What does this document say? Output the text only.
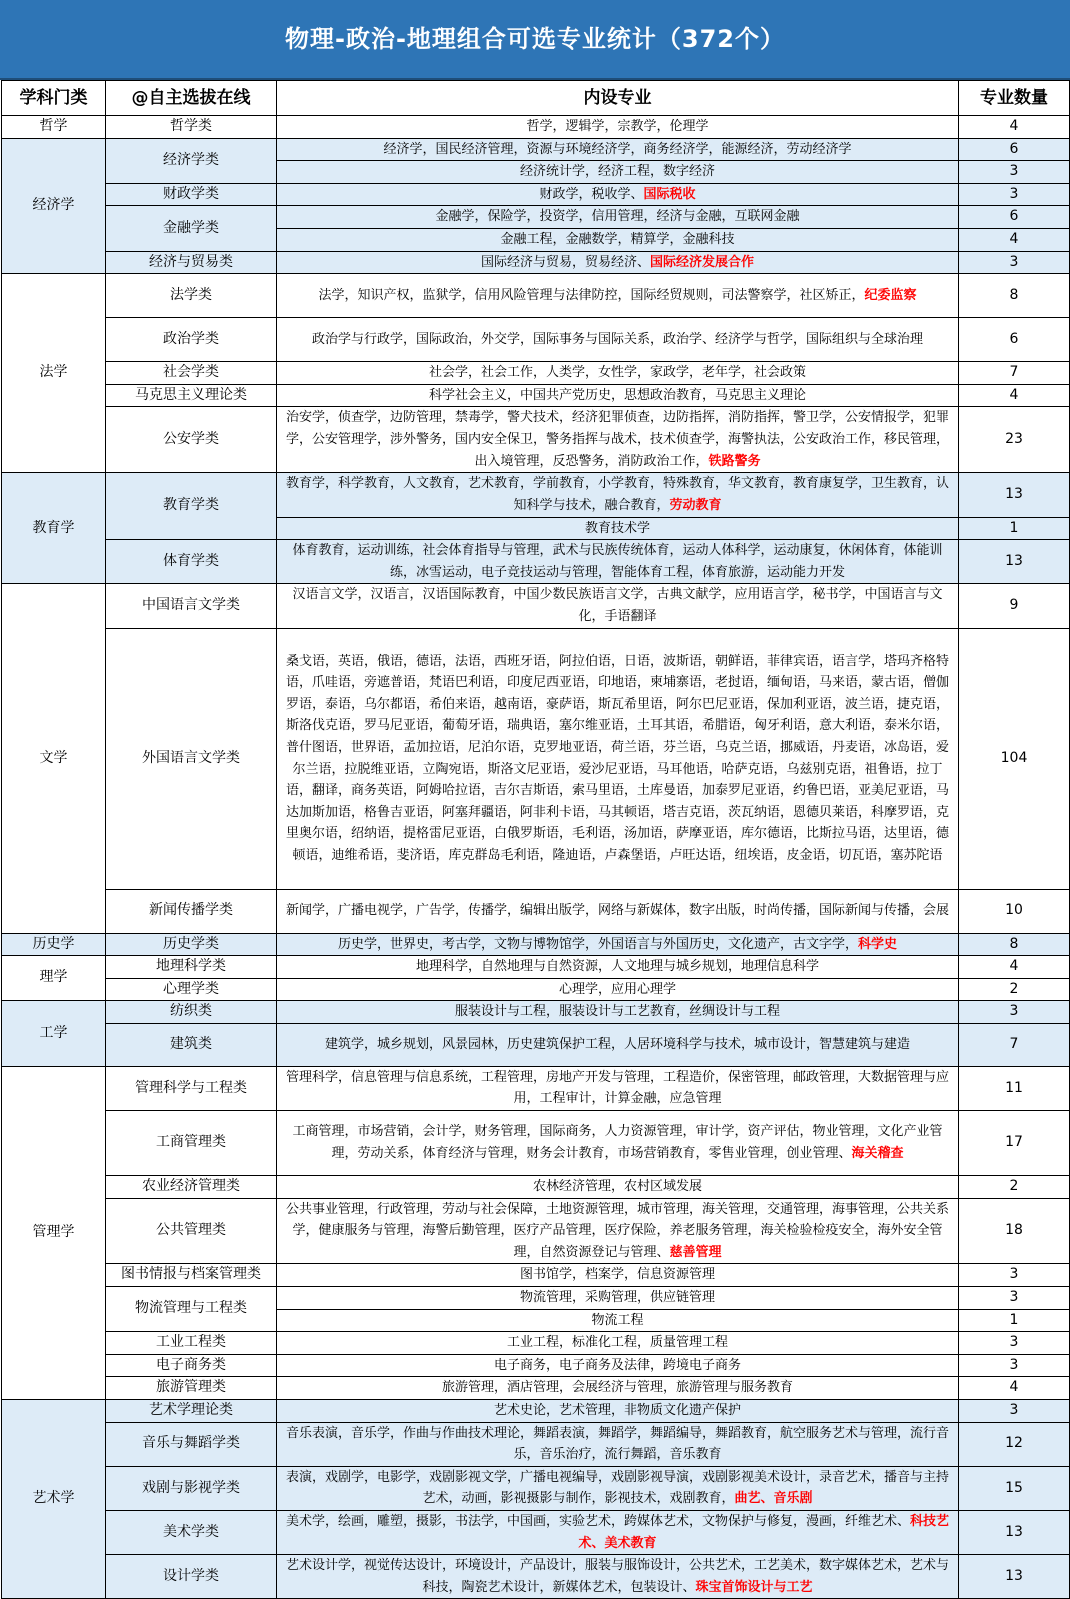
物理-政治-地理组合可选专业统计（372个）
学科门类	@自主选拔在线	内设专业	专业数量
哲学	哲学类	哲学，逻辑学，宗教学，伦理学	4
经济学	经济学类	经济学，国民经济管理，资源与环境经济学，商务经济学，能源经济，劳动经济学	6
		经济统计学，经济工程，数字经济	3
	财政学类	财政学，税收学、国际税收	3
	金融学类	金融学，保险学，投资学，信用管理，经济与金融，互联网金融	6
		金融工程，金融数学，精算学，金融科技	4
	经济与贸易类	国际经济与贸易，贸易经济、国际经济发展合作	3
法学	法学类	法学，知识产权，监狱学，信用风险管理与法律防控，国际经贸规则，司法警察学，社区矫正，纪委监察	8
	政治学类	政治学与行政学，国际政治，外交学，国际事务与国际关系，政治学、经济学与哲学，国际组织与全球治理	6
	社会学类	社会学，社会工作，人类学，女性学，家政学，老年学，社会政策	7
	马克思主义理论类	科学社会主义，中国共产党历史，思想政治教育，马克思主义理论	4
	公安学类	治安学，侦查学，边防管理，禁毒学，警犬技术，经济犯罪侦查，边防指挥，消防指挥，警卫学，公安情报学，犯罪学，公安管理学，涉外警务，国内安全保卫，警务指挥与战术，技术侦查学，海警执法，公安政治工作，移民管理，出入境管理，反恐警务，消防政治工作，铁路警务	23
教育学	教育学类	教育学，科学教育，人文教育，艺术教育，学前教育，小学教育，特殊教育，华文教育，教育康复学，卫生教育，认知科学与技术，融合教育，劳动教育	13
		教育技术学	1
	体育学类	体育教育，运动训练，社会体育指导与管理，武术与民族传统体育，运动人体科学，运动康复，休闲体育，体能训练，冰雪运动，电子竞技运动与管理，智能体育工程，体育旅游，运动能力开发	13
文学	中国语言文学类	汉语言文学，汉语言，汉语国际教育，中国少数民族语言文学，古典文献学，应用语言学，秘书学，中国语言与文化，手语翻译	9
	外国语言文学类	桑戈语，英语，俄语，德语，法语，西班牙语，阿拉伯语，日语，波斯语，朝鲜语，菲律宾语，语言学，塔玛齐格特语，爪哇语，旁遮普语，梵语巴利语，印度尼西亚语，印地语，柬埔寨语，老挝语，缅甸语，马来语，蒙古语，僧伽罗语，泰语，乌尔都语，希伯来语，越南语，豪萨语，斯瓦希里语，阿尔巴尼亚语，保加利亚语，波兰语，捷克语，斯洛伐克语，罗马尼亚语，葡萄牙语，瑞典语，塞尔维亚语，土耳其语，希腊语，匈牙利语，意大利语，泰米尔语，普什图语，世界语，孟加拉语，尼泊尔语，克罗地亚语，荷兰语，芬兰语，乌克兰语，挪威语，丹麦语，冰岛语，爱尔兰语，拉脱维亚语，立陶宛语，斯洛文尼亚语，爱沙尼亚语，马耳他语，哈萨克语，乌兹别克语，祖鲁语，拉丁语，翻译，商务英语，阿姆哈拉语，吉尔吉斯语，索马里语，土库曼语，加泰罗尼亚语，约鲁巴语，亚美尼亚语，马达加斯加语，格鲁吉亚语，阿塞拜疆语，阿非利卡语，马其顿语，塔吉克语，茨瓦纳语，恩德贝莱语，科摩罗语，克里奥尔语，绍纳语，提格雷尼亚语，白俄罗斯语，毛利语，汤加语，萨摩亚语，库尔德语，比斯拉马语，达里语，德顿语，迪维希语，斐济语，库克群岛毛利语，隆迪语，卢森堡语，卢旺达语，纽埃语，皮金语，切瓦语，塞苏陀语	104
	新闻传播学类	新闻学，广播电视学，广告学，传播学，编辑出版学，网络与新媒体，数字出版，时尚传播，国际新闻与传播，会展	10
历史学	历史学类	历史学，世界史，考古学，文物与博物馆学，外国语言与外国历史，文化遗产，古文字学，科学史	8
理学	地理科学类	地理科学，自然地理与自然资源，人文地理与城乡规划，地理信息科学	4
	心理学类	心理学，应用心理学	2
工学	纺织类	服装设计与工程，服装设计与工艺教育，丝绸设计与工程	3
	建筑类	建筑学，城乡规划，风景园林，历史建筑保护工程，人居环境科学与技术，城市设计，智慧建筑与建造	7
管理学	管理科学与工程类	管理科学，信息管理与信息系统，工程管理，房地产开发与管理，工程造价，保密管理，邮政管理，大数据管理与应用，工程审计，计算金融，应急管理	11
	工商管理类	工商管理，市场营销，会计学，财务管理，国际商务，人力资源管理，审计学，资产评估，物业管理，文化产业管理，劳动关系，体育经济与管理，财务会计教育，市场营销教育，零售业管理，创业管理、海关稽查	17
	农业经济管理类	农林经济管理，农村区域发展	2
	公共管理类	公共事业管理，行政管理，劳动与社会保障，土地资源管理，城市管理，海关管理，交通管理，海事管理，公共关系学，健康服务与管理，海警后勤管理，医疗产品管理，医疗保险，养老服务管理，海关检验检疫安全，海外安全管理，自然资源登记与管理、慈善管理	18
	图书情报与档案管理类	图书馆学，档案学，信息资源管理	3
	物流管理与工程类	物流管理，采购管理，供应链管理	3
		物流工程	1
	工业工程类	工业工程，标准化工程，质量管理工程	3
	电子商务类	电子商务，电子商务及法律，跨境电子商务	3
	旅游管理类	旅游管理，酒店管理，会展经济与管理，旅游管理与服务教育	4
艺术学	艺术学理论类	艺术史论，艺术管理，非物质文化遗产保护	3
	音乐与舞蹈学类	音乐表演，音乐学，作曲与作曲技术理论，舞蹈表演，舞蹈学，舞蹈编导，舞蹈教育，航空服务艺术与管理，流行音乐，音乐治疗，流行舞蹈，音乐教育	12
	戏剧与影视学类	表演，戏剧学，电影学，戏剧影视文学，广播电视编导，戏剧影视导演，戏剧影视美术设计，录音艺术，播音与主持艺术，动画，影视摄影与制作，影视技术，戏剧教育，曲艺、音乐剧	15
	美术学类	美术学，绘画，雕塑，摄影，书法学，中国画，实验艺术，跨媒体艺术，文物保护与修复，漫画，纤维艺术、科技艺术、美术教育	13
	设计学类	艺术设计学，视觉传达设计，环境设计，产品设计，服装与服饰设计，公共艺术，工艺美术，数字媒体艺术，艺术与科技，陶瓷艺术设计，新媒体艺术，包装设计、珠宝首饰设计与工艺	13
